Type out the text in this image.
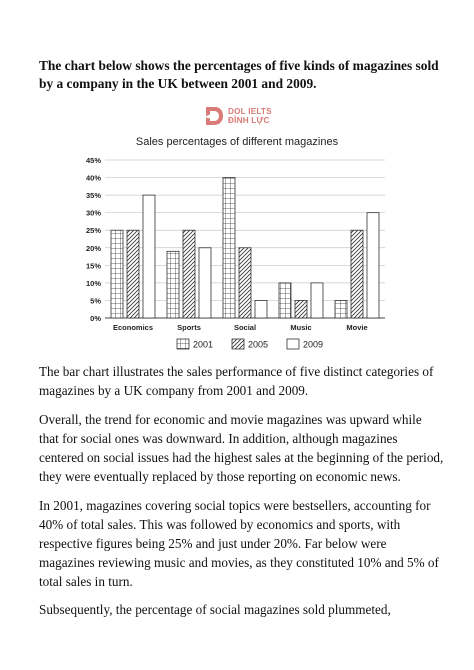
The chart below shows the percentages of five kinds of magazines sold by a company in the UK between 2001 and 2009.

DOL IELTS
ĐÌNH LỰC
Sales percentages of different magazines
0%
5%
10%
15%
20%
25%
30%
35%
40%
45%
Economics	Sports	Social	Music	Movie
2001	2005	2009

The bar chart illustrates the sales performance of five distinct categories of magazines by a UK company from 2001 and 2009.

Overall, the trend for economic and movie magazines was upward while that for social ones was downward. In addition, although magazines centered on social issues had the highest sales at the beginning of the period, they were eventually replaced by those reporting on economic news.

In 2001, magazines covering social topics were bestsellers, accounting for 40% of total sales. This was followed by economics and sports, with respective figures being 25% and just under 20%. Far below were magazines reviewing music and movies, as they constituted 10% and 5% of total sales in turn.

Subsequently, the percentage of social magazines sold plummeted,
